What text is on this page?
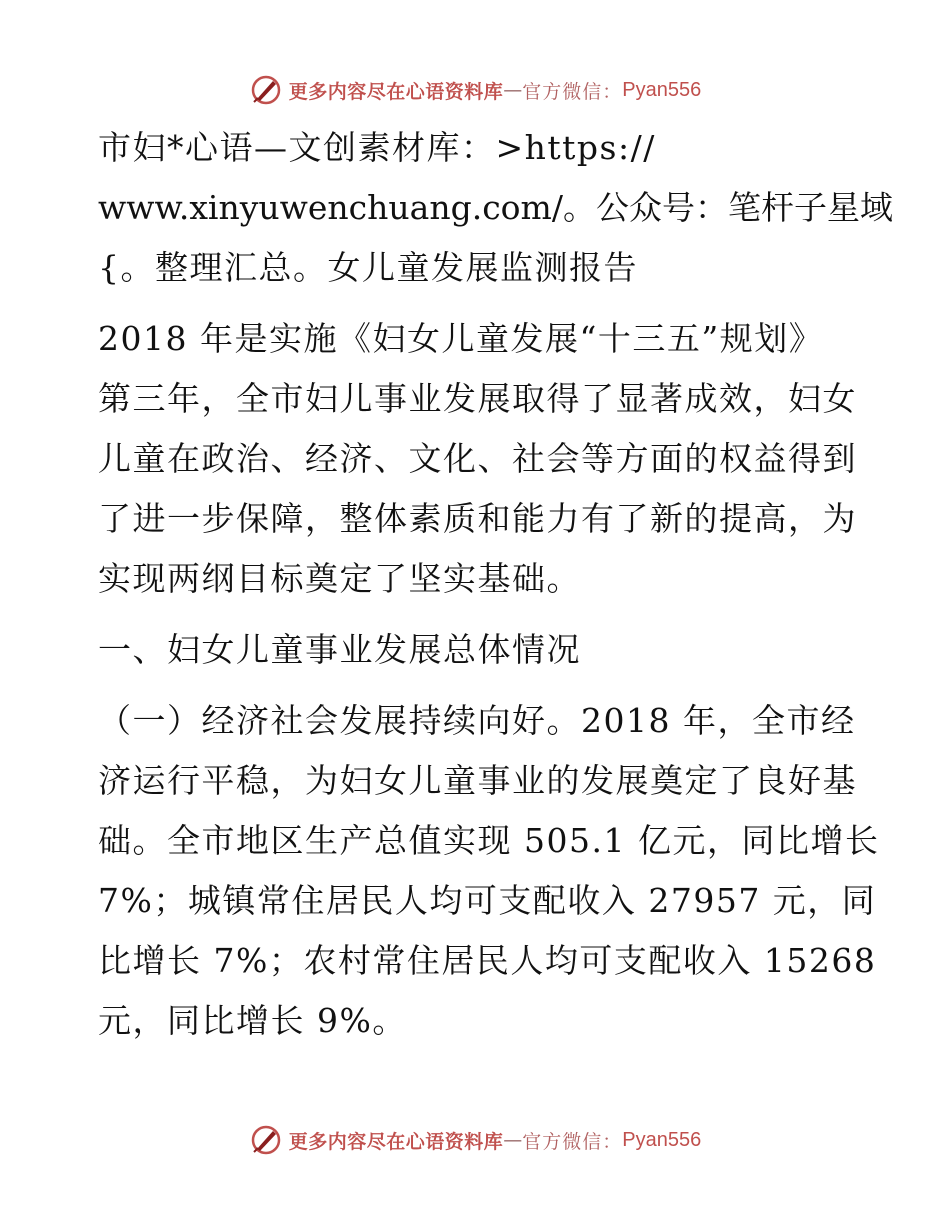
更多内容尽在心语资料库 — 官方微信： Pyan556
市妇*心语—文创素材库：>https://
www.xinyuwenchuang.com/。公众号：笔杆子星域
{。整理汇总。女儿童发展监测报告
2018 年是实施《妇女儿童发展“十三五”规划》
第三年，全市妇儿事业发展取得了显著成效，妇女
儿童在政治、经济、文化、社会等方面的权益得到
了进一步保障，整体素质和能力有了新的提高，为
实现两纲目标奠定了坚实基础。
一、妇女儿童事业发展总体情况
（一）经济社会发展持续向好。2018 年，全市经
济运行平稳，为妇女儿童事业的发展奠定了良好基
础。全市地区生产总值实现 505.1 亿元，同比增长
7%；城镇常住居民人均可支配收入 27957 元，同
比增长 7%；农村常住居民人均可支配收入 15268
元，同比增长 9%。
更多内容尽在心语资料库 — 官方微信： Pyan556
